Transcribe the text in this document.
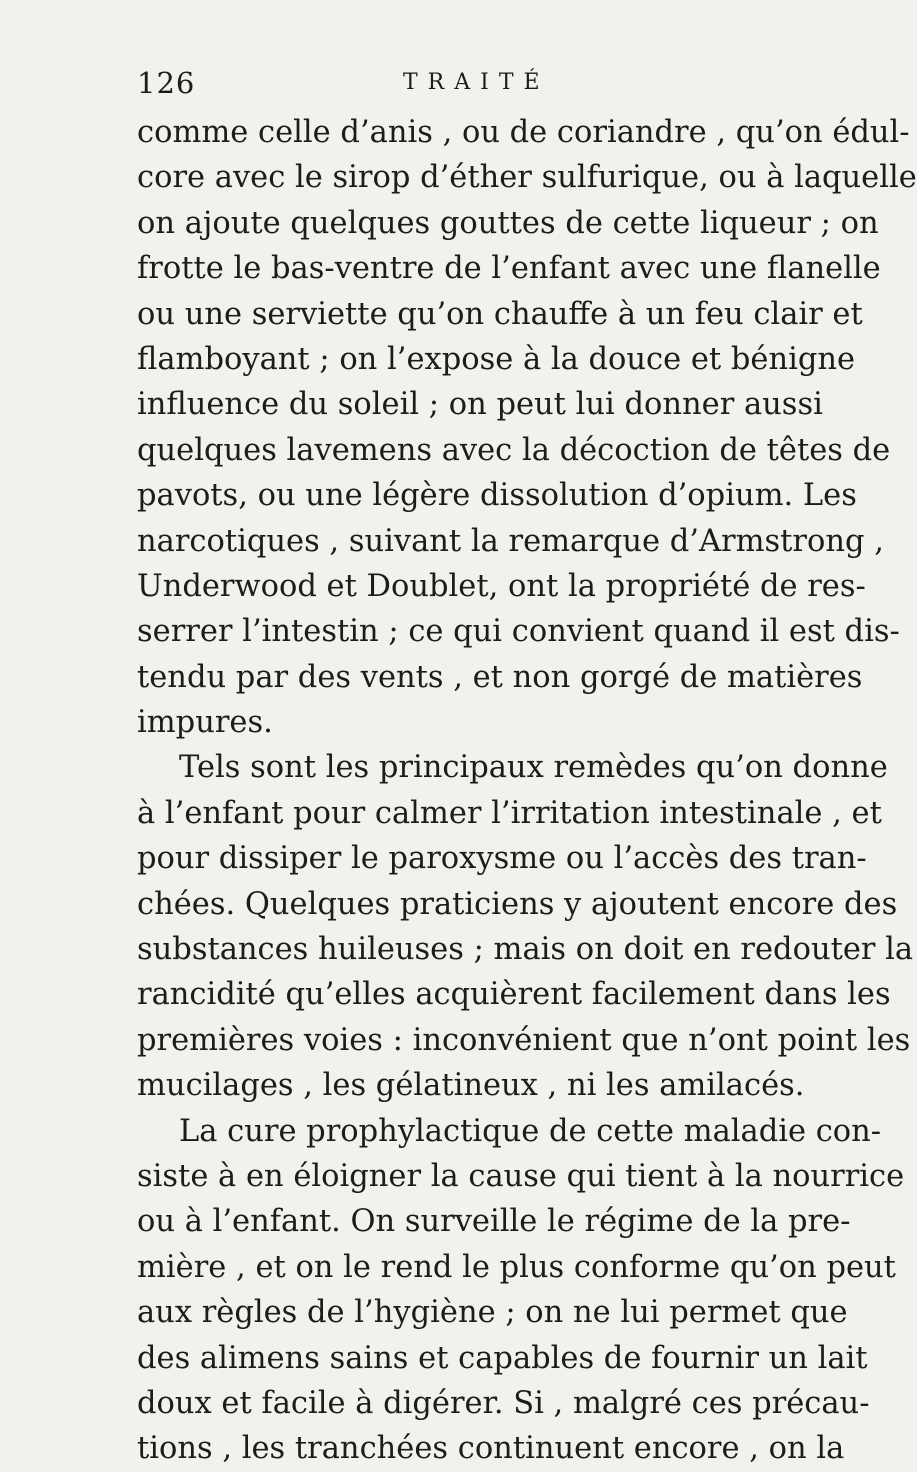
126	TRAITÉ
comme celle d’anis , ou de coriandre , qu’on édul-
core avec le sirop d’éther sulfurique, ou à laquelle
on ajoute quelques gouttes de cette liqueur ; on
frotte le bas-ventre de l’enfant avec une flanelle
ou une serviette qu’on chauffe à un feu clair et
flamboyant ; on l’expose à la douce et bénigne
influence du soleil ; on peut lui donner aussi
quelques lavemens avec la décoction de têtes de
pavots, ou une légère dissolution d’opium. Les
narcotiques , suivant la remarque d’Armstrong ,
Underwood et Doublet, ont la propriété de res-
serrer l’intestin ; ce qui convient quand il est dis-
tendu par des vents , et non gorgé de matières
impures.
Tels sont les principaux remèdes qu’on donne
à l’enfant pour calmer l’irritation intestinale , et
pour dissiper le paroxysme ou l’accès des tran-
chées. Quelques praticiens y ajoutent encore des
substances huileuses ; mais on doit en redouter la
rancidité qu’elles acquièrent facilement dans les
premières voies : inconvénient que n’ont point les
mucilages , les gélatineux , ni les amilacés.
La cure prophylactique de cette maladie con-
siste à en éloigner la cause qui tient à la nourrice
ou à l’enfant. On surveille le régime de la pre-
mière , et on le rend le plus conforme qu’on peut
aux règles de l’hygiène ; on ne lui permet que
des alimens sains et capables de fournir un lait
doux et facile à digérer. Si , malgré ces précau-
tions , les tranchées continuent encore , on la
